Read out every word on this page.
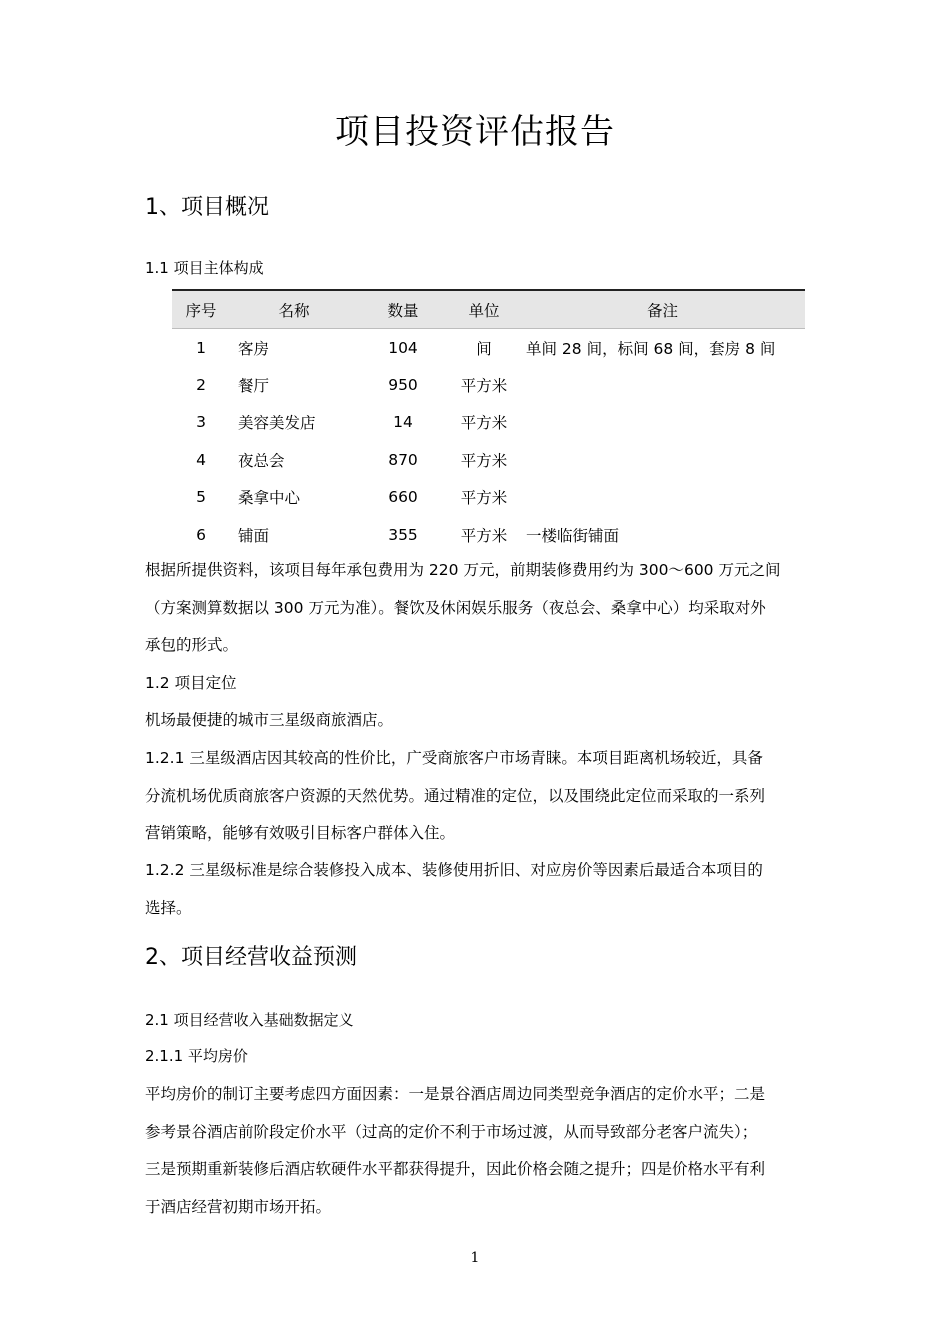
项目投资评估报告
1、项目概况
1.1 项目主体构成
序号	名称	数量	单位	备注
1	客房	104	间	单间 28 间，标间 68 间，套房 8 间
2	餐厅	950	平方米
3	美容美发店	14	平方米
4	夜总会	870	平方米
5	桑拿中心	660	平方米
6	铺面	355	平方米	一楼临街铺面
根据所提供资料，该项目每年承包费用为 220 万元，前期装修费用约为 300～600 万元之间
（方案测算数据以 300 万元为准）。餐饮及休闲娱乐服务（夜总会、桑拿中心）均采取对外
承包的形式。
1.2 项目定位
机场最便捷的城市三星级商旅酒店。
1.2.1 三星级酒店因其较高的性价比，广受商旅客户市场青睐。本项目距离机场较近，具备
分流机场优质商旅客户资源的天然优势。通过精准的定位，以及围绕此定位而采取的一系列
营销策略，能够有效吸引目标客户群体入住。
1.2.2 三星级标准是综合装修投入成本、装修使用折旧、对应房价等因素后最适合本项目的
选择。
2、项目经营收益预测
2.1 项目经营收入基础数据定义
2.1.1 平均房价
平均房价的制订主要考虑四方面因素：一是景谷酒店周边同类型竞争酒店的定价水平；二是
参考景谷酒店前阶段定价水平（过高的定价不利于市场过渡，从而导致部分老客户流失）；
三是预期重新装修后酒店软硬件水平都获得提升，因此价格会随之提升；四是价格水平有利
于酒店经营初期市场开拓。
1
